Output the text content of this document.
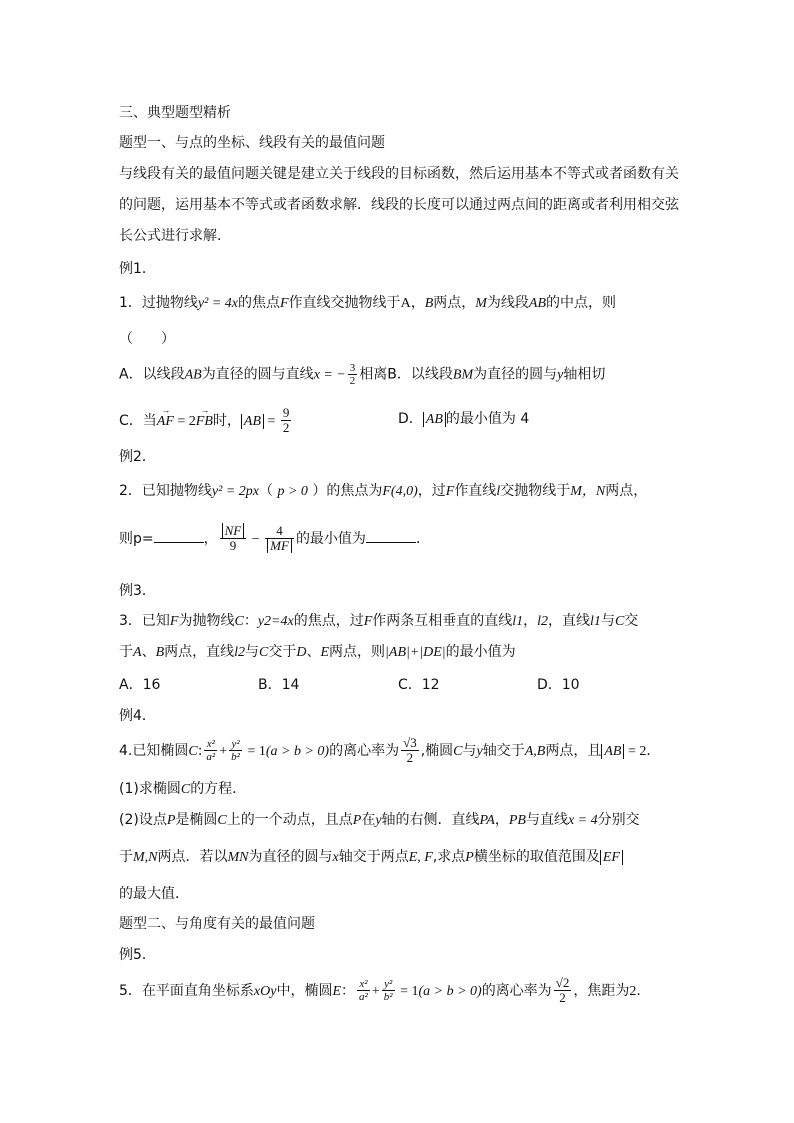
三、典型题型精析
题型一、与点的坐标、线段有关的最值问题
与线段有关的最值问题关键是建立关于线段的目标函数，然后运用基本不等式或者函数有关
的问题，运用基本不等式或者函数求解．线段的长度可以通过两点间的距离或者利用相交弦
长公式进行求解．
例1．
1．过抛物线y² = 4x的焦点F作直线交抛物线于A，B两点，M为线段AB的中点，则
（　　）
A．以线段AB为直径的圆与直线x = − $\frac{3}{2}$ 相离B．以线段BM为直径的圆与y轴相切
C．当→ AF = 2→ FB时， AB = $\frac{9}{2}$	D． AB 的最小值为 4
例2．
2．已知抛物线y² = 2px（ p > 0 ）的焦点为F(4,0)，过F作直线l交抛物线于M，N两点，
则p=	， $\frac{NF}{9} - \frac{4}{MF}$ 的最小值为	．
例3．
3．已知F为抛物线C：y2=4x的焦点，过F作两条互相垂直的直线l1，l2，直线l1与C交
于A、B两点，直线l2与C交于D、E两点，则|AB|+|DE|的最小值为
A．16	B．14	C．12	D．10
例4．
4.已知椭圆C: $\frac{\text{x²}}{\text{a²}} + \frac{\text{y²}}{\text{b²}} = 1(a > b > 0)$的离心率为 $\frac{√3}{2}$ ,椭圆C与y轴交于A,B两点，且 AB = 2．
(1)求椭圆C的方程．
(2)设点P是椭圆C上的一个动点，且点P在y轴的右侧．直线PA，PB与直线x = 4分别交
于M,N两点．若以MN为直径的圆与x轴交于两点E, F,求点P横坐标的取值范围及 EF
的最大值．
题型二、与角度有关的最值问题
例5．
5．在平面直角坐标系xOy中，椭圆E： $\frac{\text{x²}}{\text{a²}} + \frac{\text{y²}}{\text{b²}} = 1(a > b > 0)$的离心率为 $\frac{√2}{2}$ ，焦距为2.
